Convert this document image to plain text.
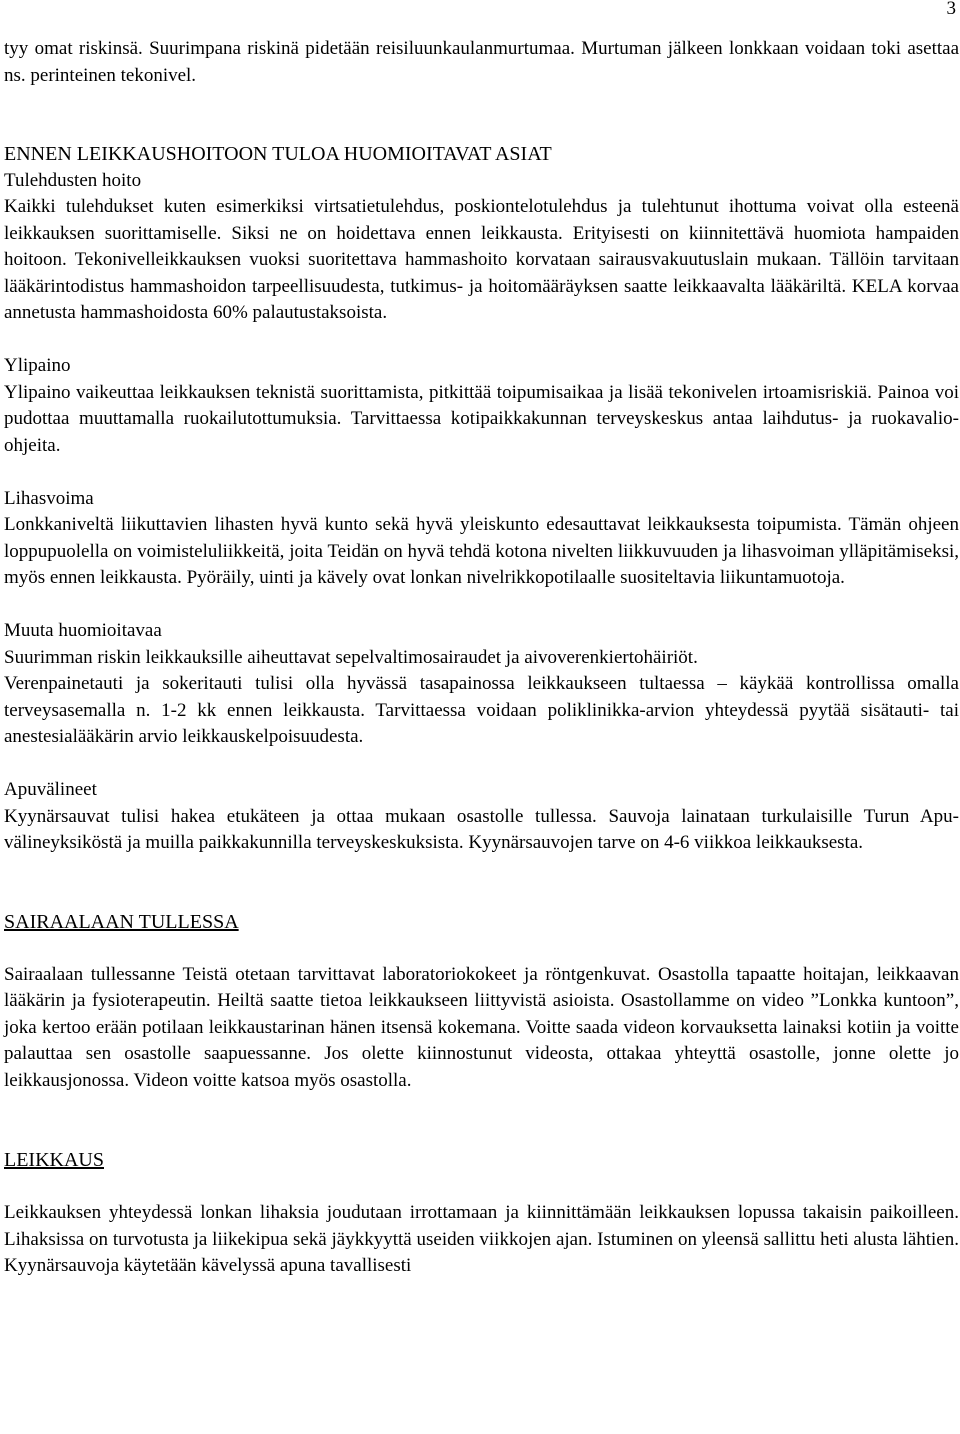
3

tyy omat riskinsä. Suurimpana riskinä pidetään reisiluunkaulanmurtumaa. Murtuman jälkeen lonkkaan voidaan toki asettaa ns. perinteinen tekonivel.

ENNEN LEIKKAUSHOITOON TULOA HUOMIOITAVAT ASIAT
Tulehdusten hoito

Kaikki tulehdukset kuten esimerkiksi virtsatietulehdus, poskiontelotulehdus ja tulehtunut ihottuma voivat olla esteenä leikkauksen suorittamiselle. Siksi ne on hoidettava ennen leikkausta. Erityisesti on kiinnitettävä huomiota hampaiden hoitoon. Tekonivelleikkauksen vuoksi suoritettava hammashoito korvataan sairausvakuutuslain mukaan. Tällöin tarvitaan lääkärintodistus hammashoidon tarpeellisuudesta, tutkimus- ja hoitomääräyksen saatte leikkaavalta lääkäriltä. KELA korvaa annetusta hammashoidosta 60% palautustaksoista.

Ylipaino

Ylipaino vaikeuttaa leikkauksen teknistä suorittamista, pitkittää toipumisaikaa ja lisää tekonivelen irtoamisriskiä. Painoa voi pudottaa muuttamalla ruokailutottumuksia. Tarvittaessa kotipaikkakunnan terveyskeskus antaa laihdutus- ja ruokavalio-ohjeita.

Lihasvoima

Lonkkaniveltä liikuttavien lihasten hyvä kunto sekä hyvä yleiskunto edesauttavat leikkauksesta toipumista. Tämän ohjeen loppupuolella on voimisteluliikkeitä, joita Teidän on hyvä tehdä kotona nivelten liikkuvuuden ja lihasvoiman ylläpitämiseksi, myös ennen leikkausta. Pyöräily, uinti ja kävely ovat lonkan nivelrikkopotilaalle suositeltavia liikuntamuotoja.

Muuta huomioitavaa

Suurimman riskin leikkauksille aiheuttavat sepelvaltimosairaudet ja aivoverenkiertohäiriöt.

Verenpainetauti ja sokeritauti tulisi olla hyvässä tasapainossa leikkaukseen tultaessa – käykää kontrollissa omalla terveysasemalla n. 1-2 kk ennen leikkausta. Tarvittaessa voidaan poliklinikka-arvion yhteydessä pyytää sisätauti- tai anestesialääkärin arvio leikkauskelpoisuudesta.

Apuvälineet

Kyynärsauvat tulisi hakea etukäteen ja ottaa mukaan osastolle tullessa. Sauvoja lainataan turkulaisille Turun Apu-välineyksiköstä ja muilla paikkakunnilla terveyskeskuksista. Kyynärsauvojen tarve on 4-6 viikkoa leikkauksesta.

SAIRAALAAN TULLESSA

Sairaalaan tullessanne Teistä otetaan tarvittavat laboratoriokokeet ja röntgenkuvat. Osastolla tapaatte hoitajan, leikkaavan lääkärin ja fysioterapeutin. Heiltä saatte tietoa leikkaukseen liittyvistä asioista. Osastollamme on video ”Lonkka kuntoon”, joka kertoo erään potilaan leikkaustarinan hänen itsensä kokemana. Voitte saada videon korvauksetta lainaksi kotiin ja voitte palauttaa sen osastolle saapuessanne. Jos olette kiinnostunut videosta, ottakaa yhteyttä osastolle, jonne olette jo leikkausjonossa. Videon voitte katsoa myös osastolla.

LEIKKAUS

Leikkauksen yhteydessä lonkan lihaksia joudutaan irrottamaan ja kiinnittämään leikkauksen lopussa takaisin paikoilleen. Lihaksissa on turvotusta ja liikekipua sekä jäykkyyttä useiden viikkojen ajan. Istuminen on yleensä sallittu heti alusta lähtien. Kyynärsauvoja käytetään kävelyssä apuna tavallisesti
